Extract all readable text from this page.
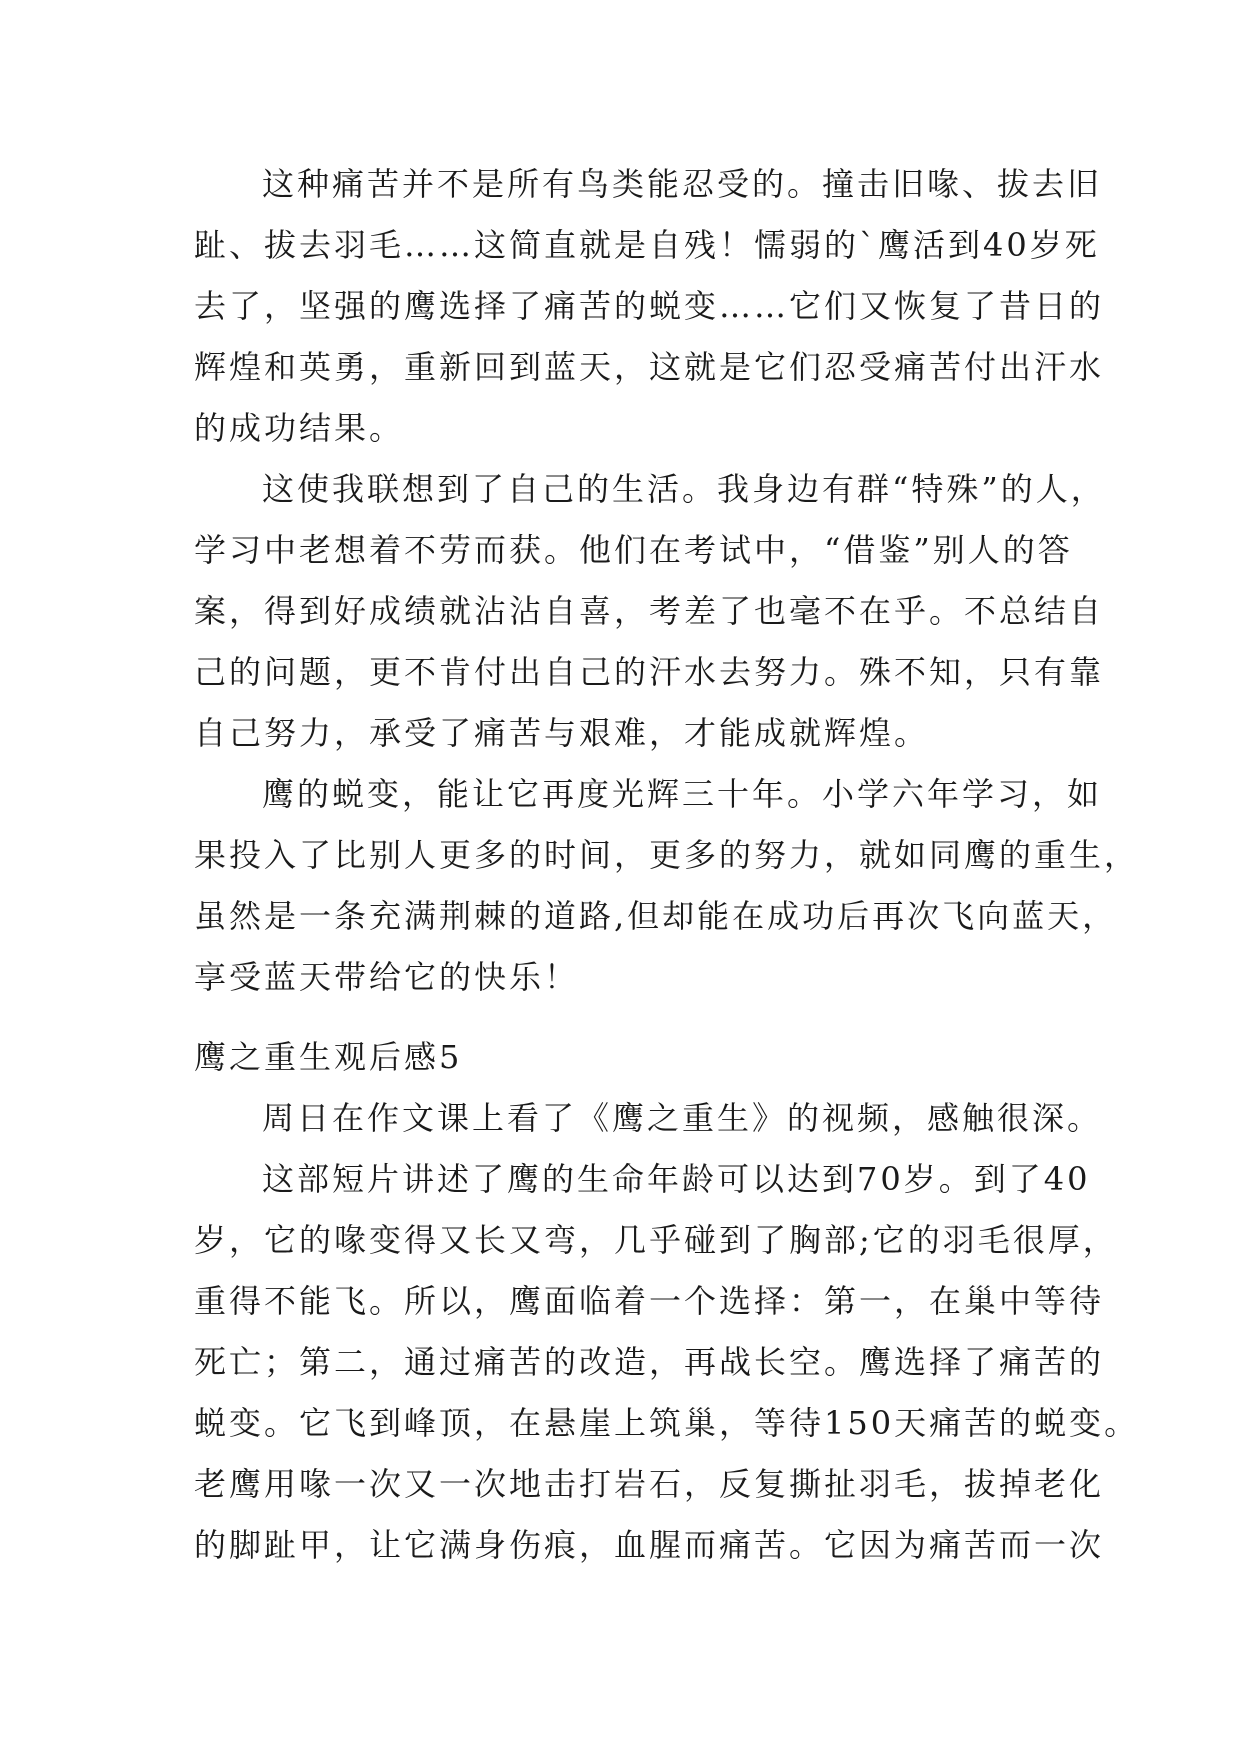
这种痛苦并不是所有鸟类能忍受的。撞击旧喙、拔去旧
趾、拔去羽毛……这简直就是自残！懦弱的`鹰活到40岁死
去了，坚强的鹰选择了痛苦的蜕变……它们又恢复了昔日的
辉煌和英勇，重新回到蓝天，这就是它们忍受痛苦付出汗水
的成功结果。
这使我联想到了自己的生活。我身边有群“特殊”的人，
学习中老想着不劳而获。他们在考试中，“借鉴”别人的答
案，得到好成绩就沾沾自喜，考差了也毫不在乎。不总结自
己的问题，更不肯付出自己的汗水去努力。殊不知，只有靠
自己努力，承受了痛苦与艰难，才能成就辉煌。
鹰的蜕变，能让它再度光辉三十年。小学六年学习，如
果投入了比别人更多的时间，更多的努力，就如同鹰的重生，
虽然是一条充满荆棘的道路,但却能在成功后再次飞向蓝天，
享受蓝天带给它的快乐！
鹰之重生观后感5
周日在作文课上看了《鹰之重生》的视频，感触很深。
这部短片讲述了鹰的生命年龄可以达到70岁。到了40
岁，它的喙变得又长又弯，几乎碰到了胸部;它的羽毛很厚，
重得不能飞。所以，鹰面临着一个选择：第一，在巢中等待
死亡；第二，通过痛苦的改造，再战长空。鹰选择了痛苦的
蜕变。它飞到峰顶，在悬崖上筑巢，等待150天痛苦的蜕变。
老鹰用喙一次又一次地击打岩石，反复撕扯羽毛，拔掉老化
的脚趾甲，让它满身伤痕，血腥而痛苦。它因为痛苦而一次
